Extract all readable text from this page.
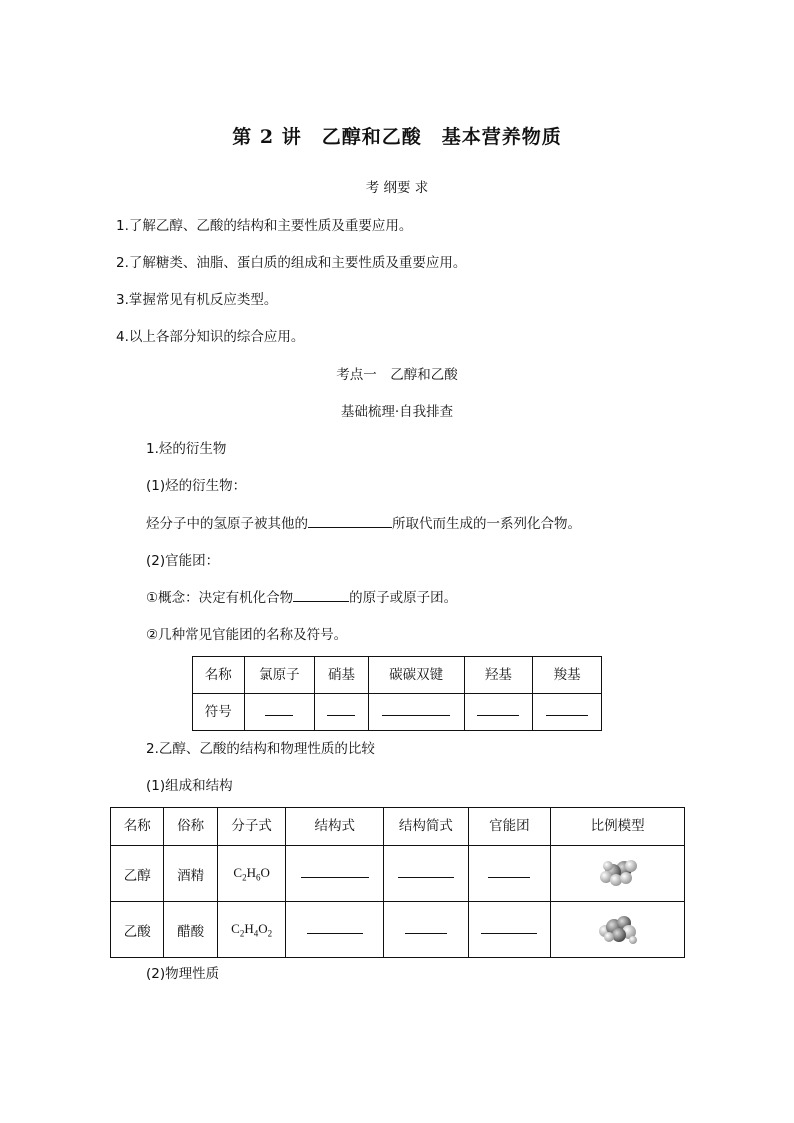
第 2 讲　乙醇和乙酸　基本营养物质
考 纲要 求
1.了解乙醇、乙酸的结构和主要性质及重要应用。
2.了解糖类、油脂、蛋白质的组成和主要性质及重要应用。
3.掌握常见有机反应类型。
4.以上各部分知识的综合应用。
考点一　乙醇和乙酸
基础梳理·自我排查
1.烃的衍生物
(1)烃的衍生物：
烃分子中的氢原子被其他的	所取代而生成的一系列化合物。
(2)官能团：
①概念：决定有机化合物	的原子或原子团。
②几种常见官能团的名称及符号。
名称	氯原子	硝基	碳碳双键	羟基	羧基
符号					
2.乙醇、乙酸的结构和物理性质的比较
(1)组成和结构
名称	俗称	分子式	结构式	结构简式	官能团	比例模型
乙醇	酒精	$C_2H_6O$				

乙酸	醋酸	$C_2H_4O_2$				
(2)物理性质
